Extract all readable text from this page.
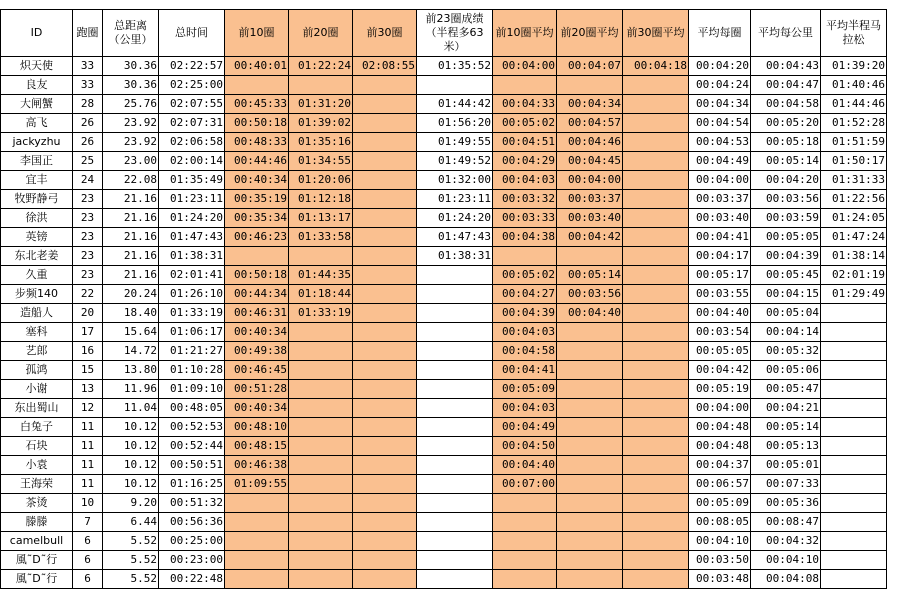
ID	跑圈	总距离（公里）	总时间	前10圈	前20圈	前30圈	前23圈成绩（半程多63米）	前10圈平均	前20圈平均	前30圈平均	平均每圈	平均每公里	平均半程马拉松
炽天使	33	30.36	02:22:57	00:40:01	01:22:24	02:08:55	01:35:52	00:04:00	00:04:07	00:04:18	00:04:20	00:04:43	01:39:20
良友	33	30.36	02:25:00								00:04:24	00:04:47	01:40:46
大闸蟹	28	25.76	02:07:55	00:45:33	01:31:20		01:44:42	00:04:33	00:04:34		00:04:34	00:04:58	01:44:46
高飞	26	23.92	02:07:31	00:50:18	01:39:02		01:56:20	00:05:02	00:04:57		00:04:54	00:05:20	01:52:28
jackyzhu	26	23.92	02:06:58	00:48:33	01:35:16		01:49:55	00:04:51	00:04:46		00:04:53	00:05:18	01:51:59
李国正	25	23.00	02:00:14	00:44:46	01:34:55		01:49:52	00:04:29	00:04:45		00:04:49	00:05:14	01:50:17
宜丰	24	22.08	01:35:49	00:40:34	01:20:06		01:32:00	00:04:03	00:04:00		00:04:00	00:04:20	01:31:33
牧野静弓	23	21.16	01:23:11	00:35:19	01:12:18		01:23:11	00:03:32	00:03:37		00:03:37	00:03:56	01:22:56
徐洪	23	21.16	01:24:20	00:35:34	01:13:17		01:24:20	00:03:33	00:03:40		00:03:40	00:03:59	01:24:05
英镑	23	21.16	01:47:43	00:46:23	01:33:58		01:47:43	00:04:38	00:04:42		00:04:41	00:05:05	01:47:24
东北老姜	23	21.16	01:38:31				01:38:31				00:04:17	00:04:39	01:38:14
久重	23	21.16	02:01:41	00:50:18	01:44:35			00:05:02	00:05:14		00:05:17	00:05:45	02:01:19
步频140	22	20.24	01:26:10	00:44:34	01:18:44			00:04:27	00:03:56		00:03:55	00:04:15	01:29:49
造船人	20	18.40	01:33:19	00:46:31	01:33:19			00:04:39	00:04:40		00:04:40	00:05:04	
塞科	17	15.64	01:06:17	00:40:34				00:04:03			00:03:54	00:04:14	
艺郎	16	14.72	01:21:27	00:49:38				00:04:58			00:05:05	00:05:32	
孤鸿	15	13.80	01:10:28	00:46:45				00:04:41			00:04:42	00:05:06	
小谢	13	11.96	01:09:10	00:51:28				00:05:09			00:05:19	00:05:47	
东出蜀山	12	11.04	00:48:05	00:40:34				00:04:03			00:04:00	00:04:21	
白兔子	11	10.12	00:52:53	00:48:10				00:04:49			00:04:48	00:05:14	
石块	11	10.12	00:52:44	00:48:15				00:04:50			00:04:48	00:05:13	
小袁	11	10.12	00:50:51	00:46:38				00:04:40			00:04:37	00:05:01	
王海荣	11	10.12	01:16:25	01:09:55				00:07:00			00:06:57	00:07:33	
茶烫	10	9.20	00:51:32								00:05:09	00:05:36	
滕滕	7	6.44	00:56:36								00:08:05	00:08:47	
camelbull	6	5.52	00:25:00								00:04:10	00:04:32	
風˜D˜行	6	5.52	00:23:00								00:03:50	00:04:10	
風˜D˜行	6	5.52	00:22:48								00:03:48	00:04:08	
